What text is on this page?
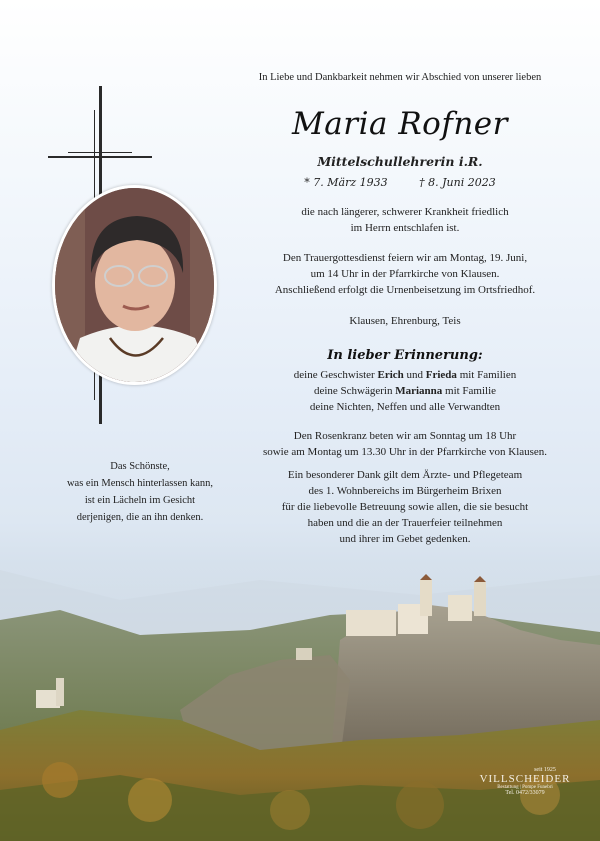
In Liebe und Dankbarkeit nehmen wir Abschied von unserer lieben
Maria Rofner
Mittelschullehrerin i.R.
* 7. März 1933	† 8. Juni 2023
die nach längerer, schwerer Krankheit friedlich
im Herrn entschlafen ist.
Den Trauergottesdienst feiern wir am Montag, 19. Juni,
um 14 Uhr in der Pfarrkirche von Klausen.
Anschließend erfolgt die Urnenbeisetzung im Ortsfriedhof.
Klausen, Ehrenburg, Teis
In lieber Erinnerung:
deine Geschwister Erich und Frieda mit Familien
deine Schwägerin Marianna mit Familie
deine Nichten, Neffen und alle Verwandten
Den Rosenkranz beten wir am Sonntag um 18 Uhr
sowie am Montag um 13.30 Uhr in der Pfarrkirche von Klausen.
Ein besonderer Dank gilt dem Ärzte- und Pflegeteam
des 1. Wohnbereichs im Bürgerheim Brixen
für die liebevolle Betreuung sowie allen, die sie besucht
haben und die an der Trauerfeier teilnehmen
und ihrer im Gebet gedenken.
Das Schönste,
was ein Mensch hinterlassen kann,
ist ein Lächeln im Gesicht
derjenigen, die an ihn denken.
seit 1925
VILLSCHEIDER
Bestattung | Pompe Funebri
Tel. 0472/33079
